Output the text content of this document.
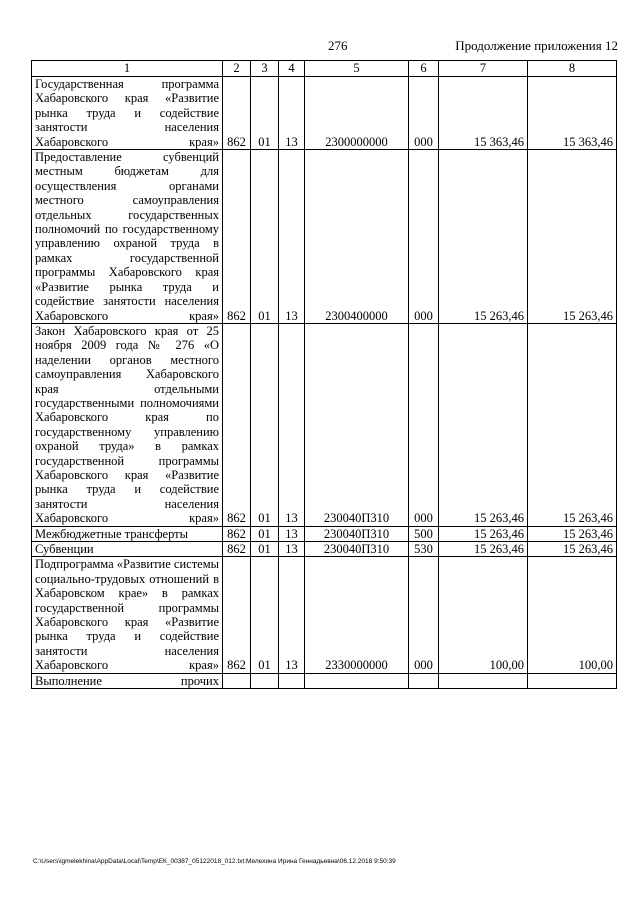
276	Продолжение приложения 12
1	2	3	4	5	6	7	8
Государственная программа Хабаровского края «Развитие рынка труда и содействие занятости населения Хабаровского края»	862	01	13	2300000000	000	15 363,46	15 363,46
Предоставление субвенций местным бюджетам для осуществления органами местного самоуправления отдельных государственных полномочий по государственному управлению охраной труда в рамках государственной программы Хабаровского края «Развитие рынка труда и содействие занятости населения Хабаровского края»	862	01	13	2300400000	000	15 263,46	15 263,46
Закон Хабаровского края от 25 ноября 2009 года № 276 «О наделении органов местного самоуправления Хабаровского края отдельными государственными полномочиями Хабаровского края по государственному управлению охраной труда» в рамках государственной программы Хабаровского края «Развитие рынка труда и содействие занятости населения Хабаровского края»	862	01	13	230040П310	000	15 263,46	15 263,46
Межбюджетные трансферты	862	01	13	230040П310	500	15 263,46	15 263,46
Субвенции	862	01	13	230040П310	530	15 263,46	15 263,46
Подпрограмма «Развитие системы социально-трудовых отношений в Хабаровском крае» в рамках государственной программы Хабаровского края «Развитие рынка труда и содействие занятости населения Хабаровского края»	862	01	13	2330000000	000	100,00	100,00
Выполнение прочих							
C:\Users\igmelekhina\AppData\Local\Temp\ЕК_00387_05122018_012.txt:Мелехина Ирина Геннадьевна\06.12.2018 9:50:39
